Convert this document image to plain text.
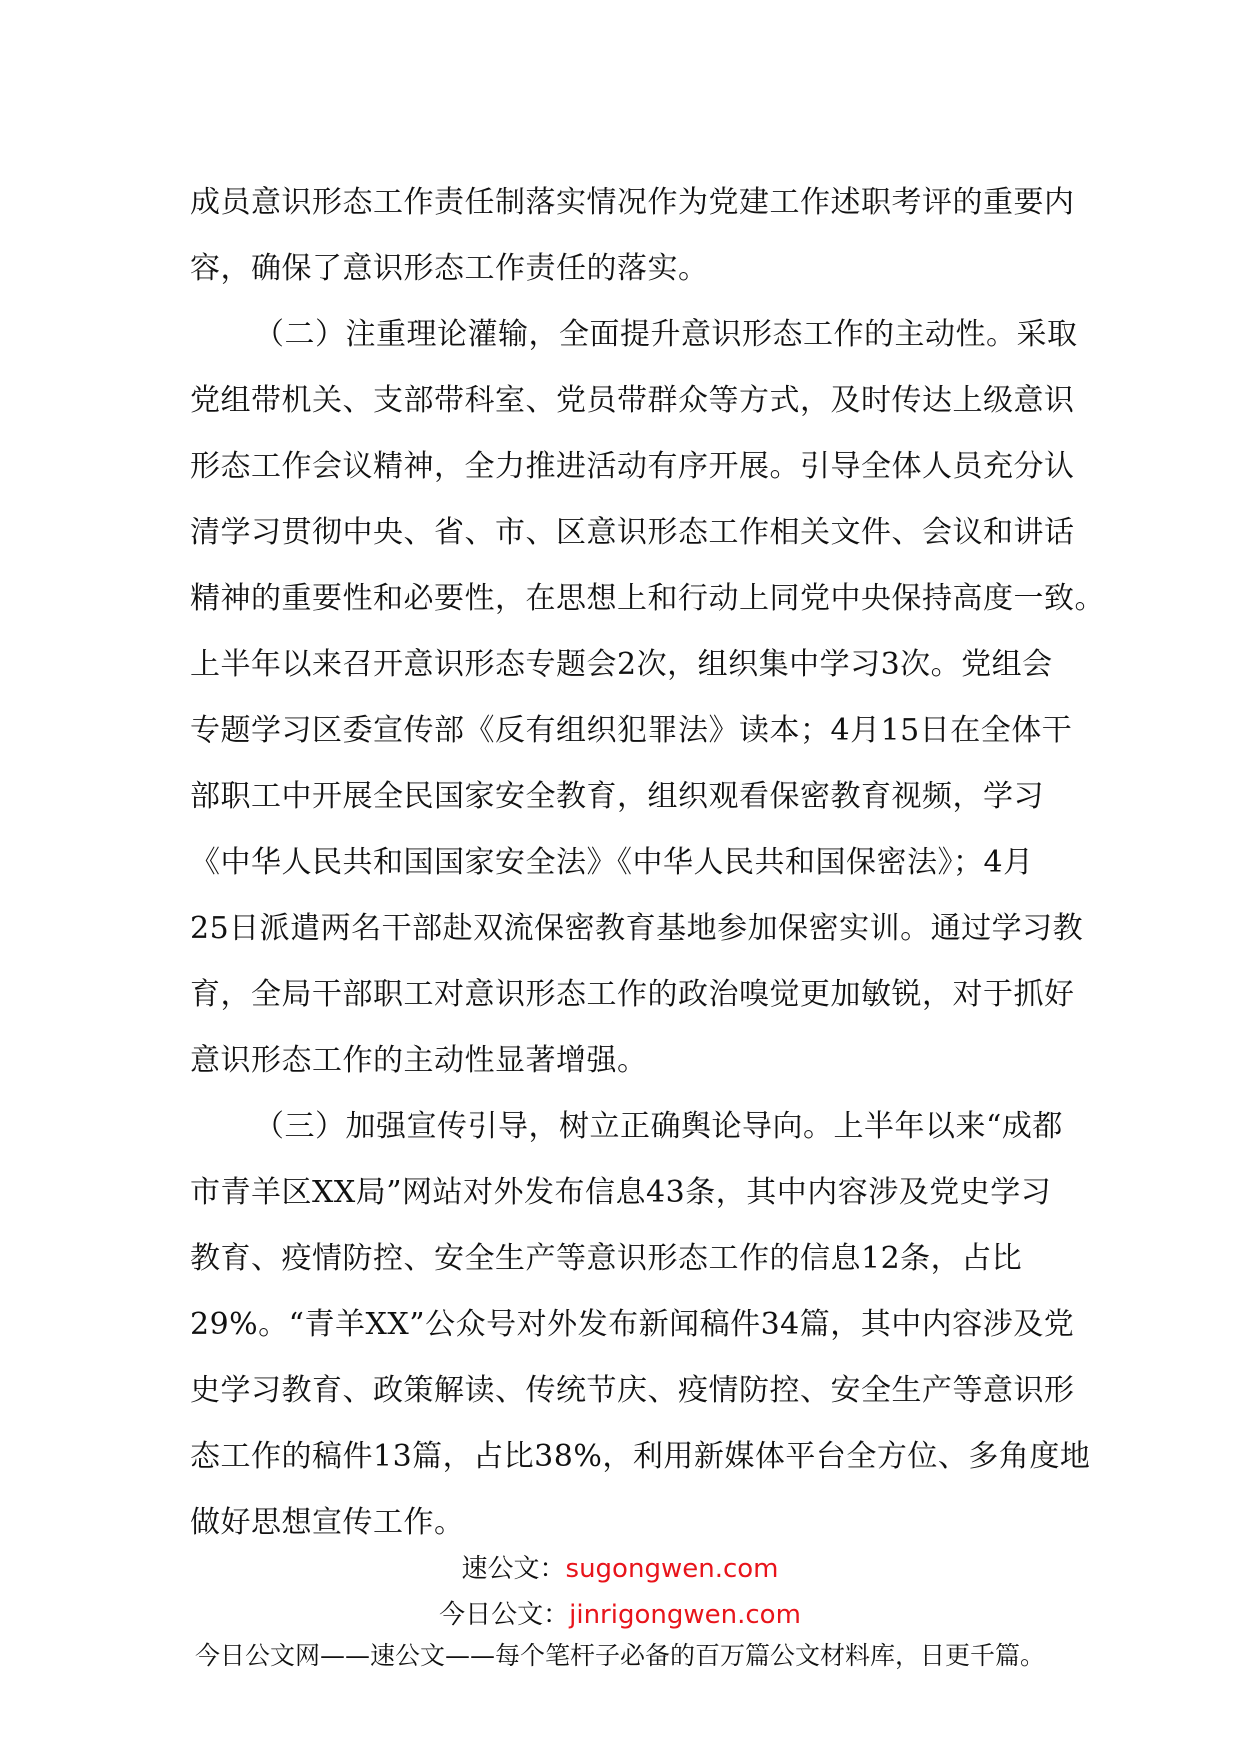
成员意识形态工作责任制落实情况作为党建工作述职考评的重要内
容，确保了意识形态工作责任的落实。
（二）注重理论灌输，全面提升意识形态工作的主动性。采取
党组带机关、支部带科室、党员带群众等方式，及时传达上级意识
形态工作会议精神，全力推进活动有序开展。引导全体人员充分认
清学习贯彻中央、省、市、区意识形态工作相关文件、会议和讲话
精神的重要性和必要性，在思想上和行动上同党中央保持高度一致。
上半年以来召开意识形态专题会2次，组织集中学习3次。党组会
专题学习区委宣传部《反有组织犯罪法》读本；4月15日在全体干
部职工中开展全民国家安全教育，组织观看保密教育视频，学习
《中华人民共和国国家安全法》《中华人民共和国保密法》；4月
25日派遣两名干部赴双流保密教育基地参加保密实训。通过学习教
育，全局干部职工对意识形态工作的政治嗅觉更加敏锐，对于抓好
意识形态工作的主动性显著增强。
（三）加强宣传引导，树立正确舆论导向。上半年以来“成都
市青羊区XX局”网站对外发布信息43条，其中内容涉及党史学习
教育、疫情防控、安全生产等意识形态工作的信息12条，占比
29%。“青羊XX”公众号对外发布新闻稿件34篇，其中内容涉及党
史学习教育、政策解读、传统节庆、疫情防控、安全生产等意识形
态工作的稿件13篇，占比38%，利用新媒体平台全方位、多角度地
做好思想宣传工作。
速公文：sugongwen.com
今日公文：jinrigongwen.com
今日公文网——速公文——每个笔杆子必备的百万篇公文材料库，日更千篇。
